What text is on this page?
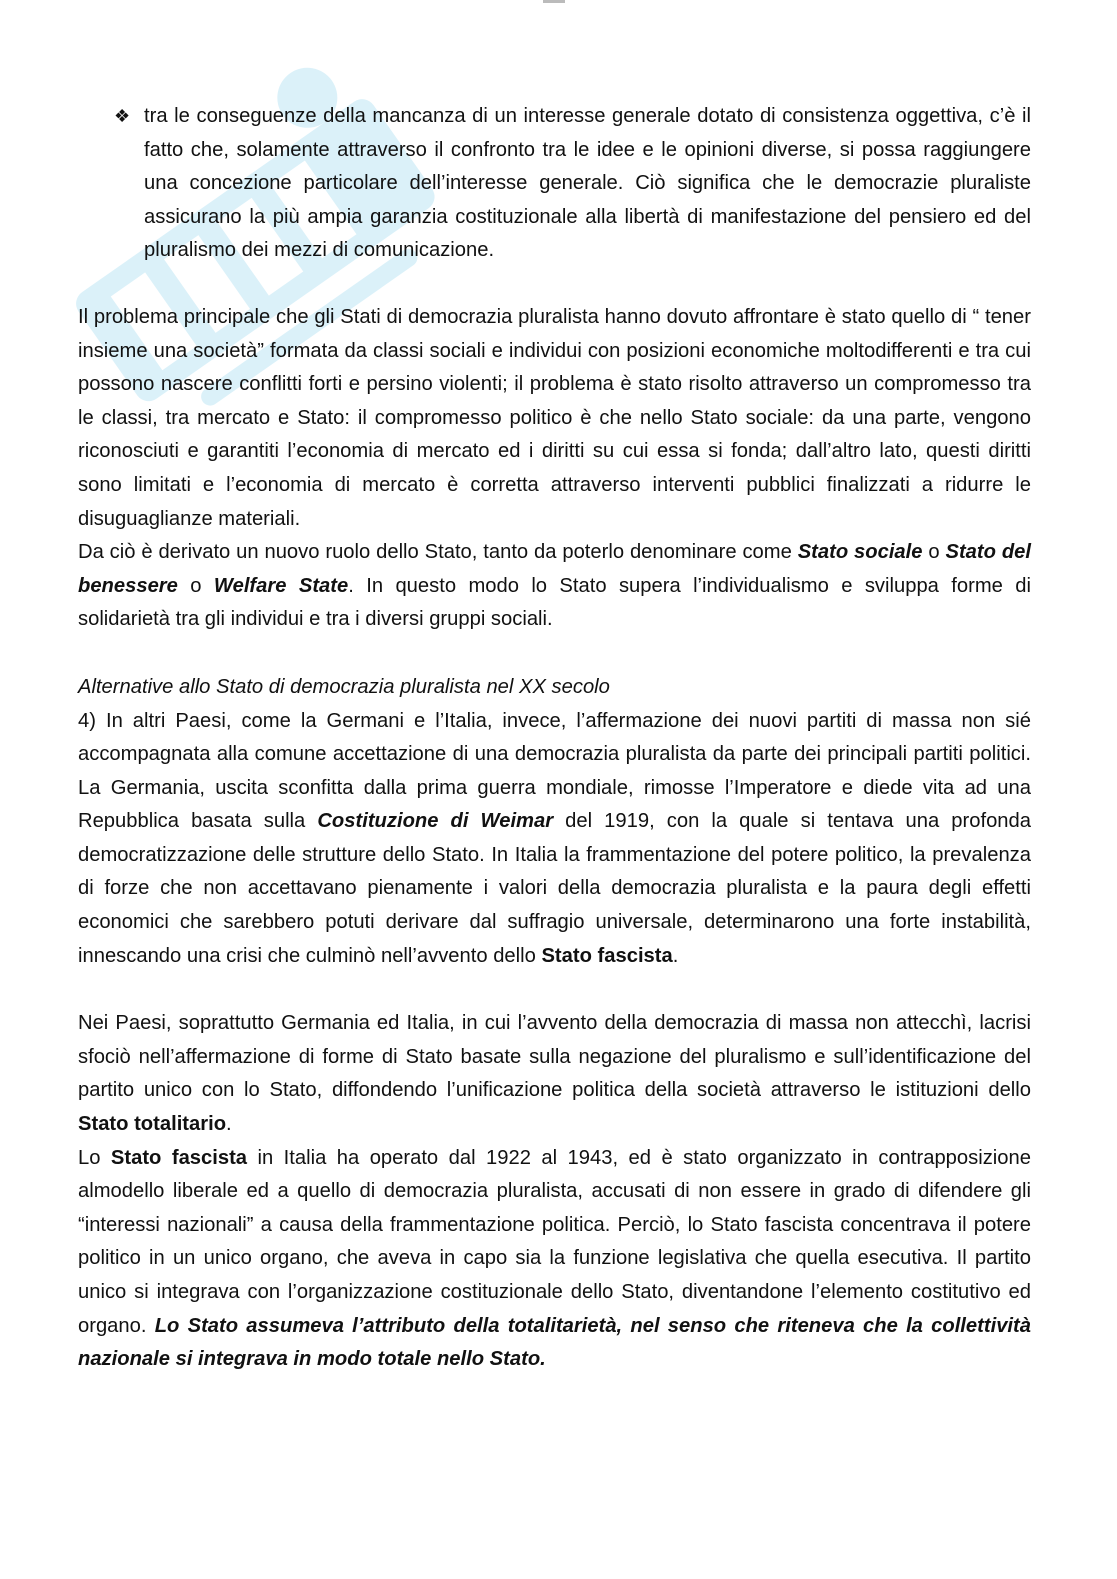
❖ tra le conseguenze della mancanza di un interesse generale dotato di consistenza oggettiva, c’è il fatto che, solamente attraverso il confronto tra le idee e le opinioni diverse, si possa raggiungere una concezione particolare dell’interesse generale. Ciò significa che le democrazie pluraliste assicurano la più ampia garanzia costituzionale alla libertà di manifestazione del pensiero ed del pluralismo dei mezzi di comunicazione.

Il problema principale che gli Stati di democrazia pluralista hanno dovuto affrontare è stato quello di “ tener insieme una società” formata da classi sociali e individui con posizioni economiche moltodifferenti e tra cui possono nascere conflitti forti e persino violenti; il problema è stato risolto attraverso un compromesso tra le classi, tra mercato e Stato: il compromesso politico è che nello Stato sociale: da una parte, vengono riconosciuti e garantiti l’economia di mercato ed i diritti su cui essa si fonda; dall’altro lato, questi diritti sono limitati e l’economia di mercato è corretta attraverso interventi pubblici finalizzati a ridurre le disuguaglianze materiali.

Da ciò è derivato un nuovo ruolo dello Stato, tanto da poterlo denominare come Stato sociale o Stato del benessere o Welfare State. In questo modo lo Stato supera l’individualismo e sviluppa forme di solidarietà tra gli individui e tra i diversi gruppi sociali.

Alternative allo Stato di democrazia pluralista nel XX secolo

4) In altri Paesi, come la Germani e l’Italia, invece, l’affermazione dei nuovi partiti di massa non sié accompagnata alla comune accettazione di una democrazia pluralista da parte dei principali partiti politici. La Germania, uscita sconfitta dalla prima guerra mondiale, rimosse l’Imperatore e diede vita ad una Repubblica basata sulla Costituzione di Weimar del 1919, con la quale si tentava una profonda democratizzazione delle strutture dello Stato. In Italia la frammentazione del potere politico, la prevalenza di forze che non accettavano pienamente i valori della democrazia pluralista e la paura degli effetti economici che sarebbero potuti derivare dal suffragio universale, determinarono una forte instabilità, innescando una crisi che culminò nell’avvento dello Stato fascista.

Nei Paesi, soprattutto Germania ed Italia, in cui l’avvento della democrazia di massa non attecchì, lacrisi sfociò nell’affermazione di forme di Stato basate sulla negazione del pluralismo e sull’identificazione del partito unico con lo Stato, diffondendo l’unificazione politica della società attraverso le istituzioni dello Stato totalitario.

Lo Stato fascista in Italia ha operato dal 1922 al 1943, ed è stato organizzato in contrapposizione almodello liberale ed a quello di democrazia pluralista, accusati di non essere in grado di difendere gli “interessi nazionali” a causa della frammentazione politica. Perciò, lo Stato fascista concentrava il potere politico in un unico organo, che aveva in capo sia la funzione legislativa che quella esecutiva. Il partito unico si integrava con l’organizzazione costituzionale dello Stato, diventandone l’elemento costitutivo ed organo. Lo Stato assumeva l’attributo della totalitarietà, nel senso che riteneva che la collettività nazionale si integrava in modo totale nello Stato.
